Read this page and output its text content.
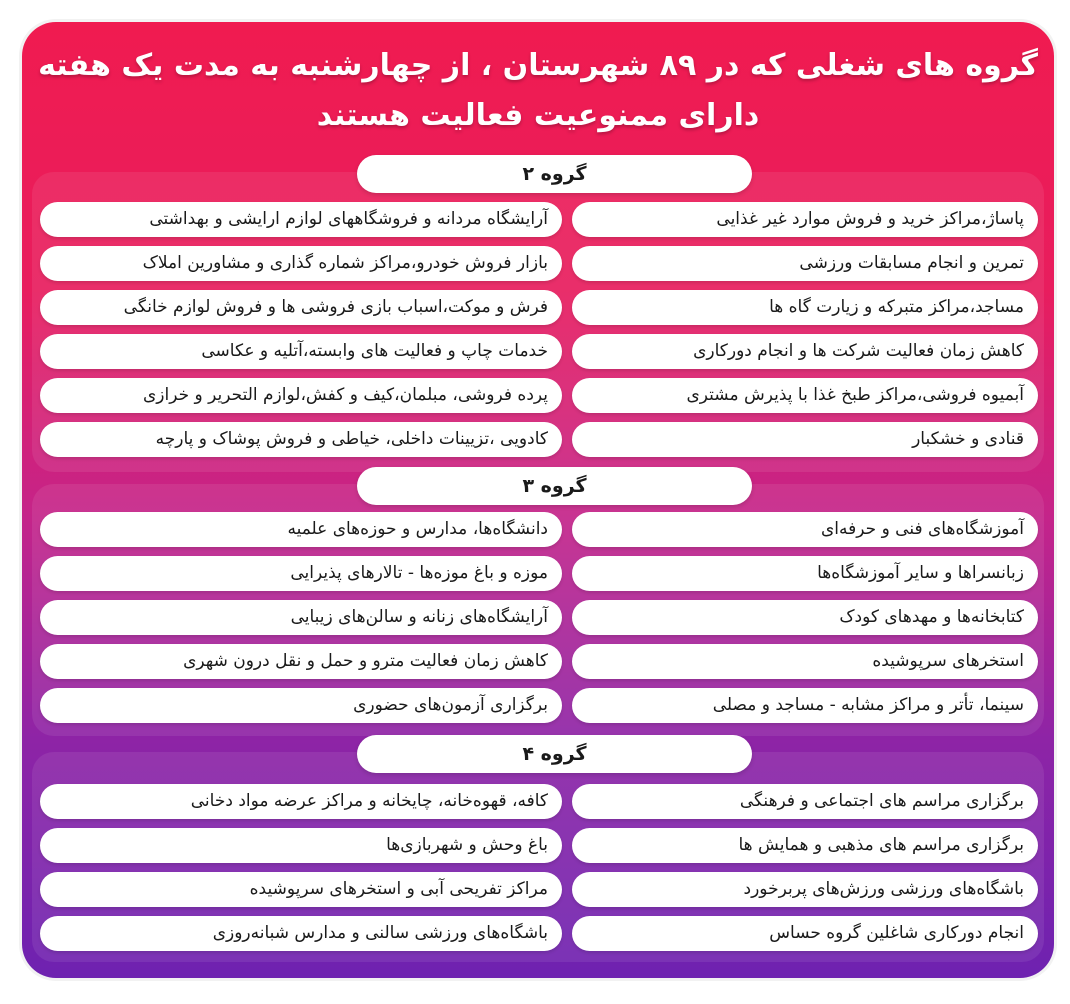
گروه های شغلی که در ۸۹ شهرستان ، از چهارشنبه به مدت یک هفته
دارای ممنوعیت فعالیت هستند
گروه ۲
پاساژ،مراکز خرید و فروش موارد غیر غذایی
تمرین و انجام مسابقات ورزشی
مساجد،مراکز متبرکه و زیارت گاه ها
کاهش زمان فعالیت شرکت ها و انجام دورکاری
آبمیوه فروشی،مراکز طبخ غذا با پذیرش مشتری
قنادی و خشکبار
آرایشگاه مردانه و فروشگاههای لوازم ارایشی و بهداشتی
بازار فروش خودرو،مراکز شماره گذاری و مشاورین املاک
فرش و موکت،اسباب بازی فروشی ها و فروش لوازم خانگی
خدمات چاپ و فعالیت های وابسته،آتلیه و عکاسی
پرده فروشی، مبلمان،کیف و کفش،لوازم التحریر و خرازی
کادویی ،تزیینات داخلی، خیاطی و فروش پوشاک و پارچه
گروه ۳
آموزشگاه‌های فنی و حرفه‌ای
زبانسراها و سایر آموزشگاه‌ها
کتابخانه‌ها و مهدهای کودک
استخرهای سرپوشیده
سینما، تأتر و مراکز مشابه - مساجد و مصلی
دانشگاه‌ها، مدارس و حوزه‌های علمیه
موزه و باغ موزه‌ها - تالارهای پذیرایی
آرایشگاه‌های زنانه و سالن‌های زیبایی
کاهش زمان فعالیت مترو و حمل و نقل درون شهری
برگزاری آزمون‌های حضوری
گروه ۴
برگزاری مراسم های اجتماعی و فرهنگی
برگزاری مراسم های مذهبی و همایش ها
باشگاه‌های ورزشی ورزش‌های پربرخورد
انجام دورکاری شاغلین گروه حساس
کافه، قهوه‌خانه، چایخانه و مراکز عرضه مواد دخانی
باغ وحش و شهربازی‌ها
مراکز تفریحی آبی و استخرهای سرپوشیده
باشگاه‌های ورزشی سالنی و مدارس شبانه‌روزی
